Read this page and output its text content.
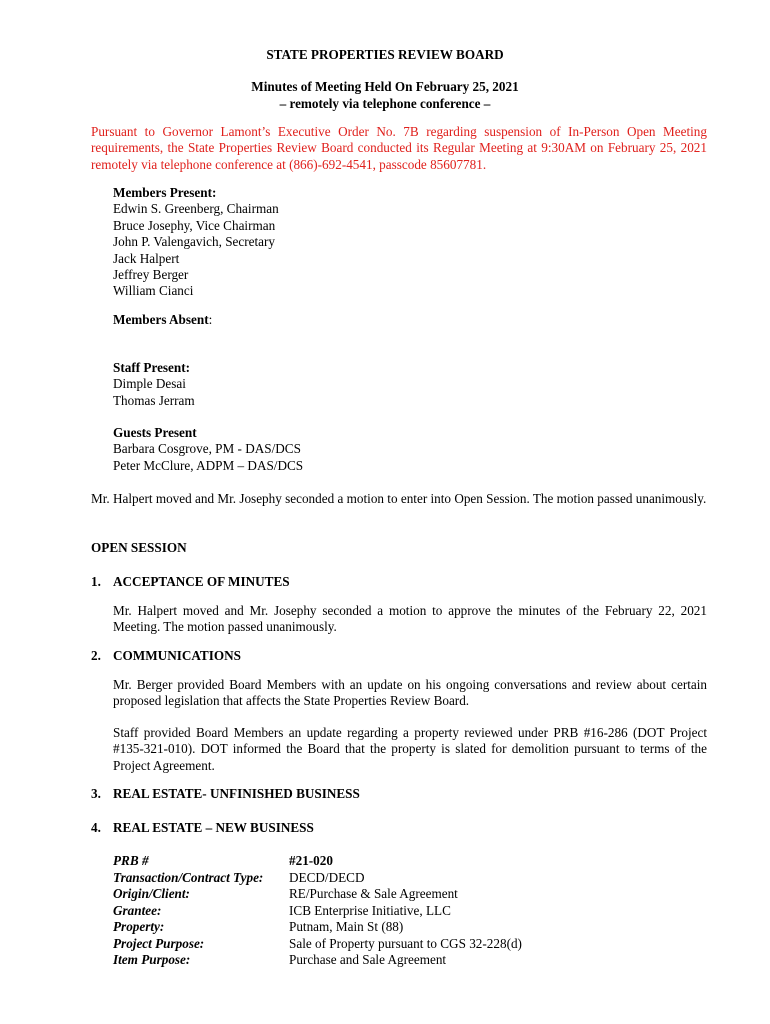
STATE PROPERTIES REVIEW BOARD
Minutes of Meeting Held On February 25, 2021
– remotely via telephone conference –
Pursuant to Governor Lamont’s Executive Order No. 7B regarding suspension of In-Person Open Meeting requirements, the State Properties Review Board conducted its Regular Meeting at 9:30AM on February 25, 2021 remotely via telephone conference at (866)-692-4541, passcode 85607781.
Members Present:
Edwin S. Greenberg, Chairman
Bruce Josephy, Vice Chairman
John P. Valengavich, Secretary
Jack Halpert
Jeffrey Berger
William Cianci
Members Absent:
Staff Present:
Dimple Desai
Thomas Jerram
Guests Present
Barbara Cosgrove, PM - DAS/DCS
Peter McClure, ADPM – DAS/DCS
Mr. Halpert moved and Mr. Josephy seconded a motion to enter into Open Session. The motion passed unanimously.
OPEN SESSION
1. ACCEPTANCE OF MINUTES
Mr. Halpert moved and Mr. Josephy seconded a motion to approve the minutes of the February 22, 2021 Meeting. The motion passed unanimously.
2. COMMUNICATIONS
Mr. Berger provided Board Members with an update on his ongoing conversations and review about certain proposed legislation that affects the State Properties Review Board.
Staff provided Board Members an update regarding a property reviewed under PRB #16-286 (DOT Project #135-321-010). DOT informed the Board that the property is slated for demolition pursuant to terms of the Project Agreement.
3. REAL ESTATE- UNFINISHED BUSINESS
4. REAL ESTATE – NEW BUSINESS
PRB #	#21-020
Transaction/Contract Type: DECD/DECD
Origin/Client:	RE/Purchase & Sale Agreement
Grantee:	ICB Enterprise Initiative, LLC
Property:	Putnam, Main St (88)
Project Purpose:	Sale of Property pursuant to CGS 32-228(d)
Item Purpose:	Purchase and Sale Agreement
